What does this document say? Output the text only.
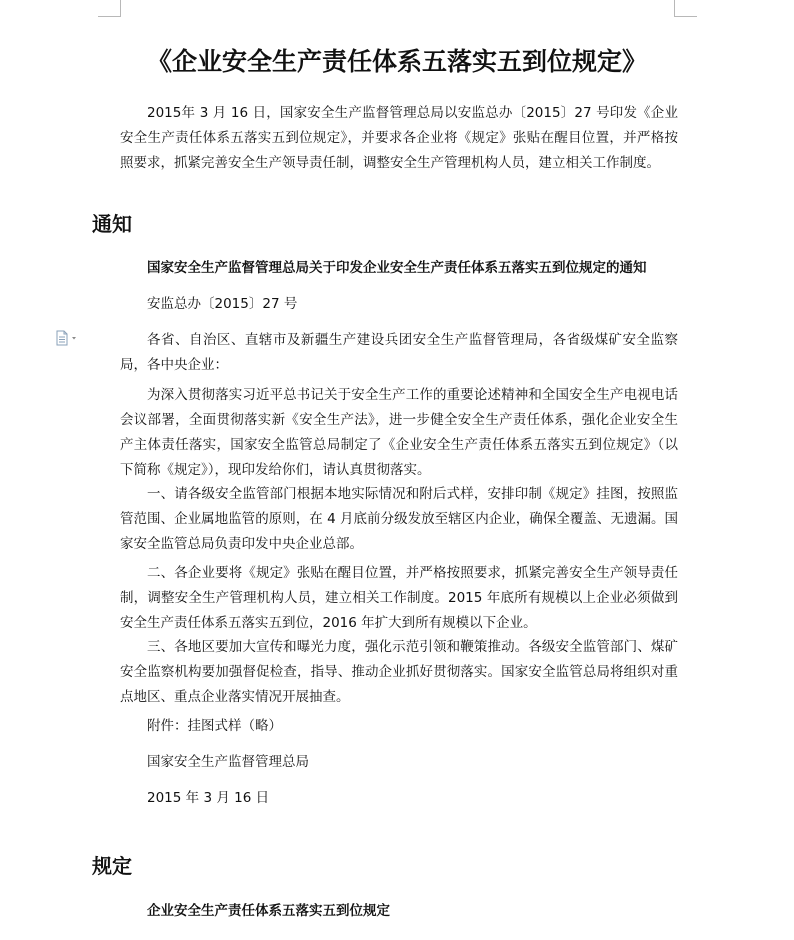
《企业安全生产责任体系五落实五到位规定》

2015年 3 月 16 日，国家安全生产监督管理总局以安监总办〔2015〕27 号印发《企业安全生产责任体系五落实五到位规定》，并要求各企业将《规定》张贴在醒目位置，并严格按照要求，抓紧完善安全生产领导责任制，调整安全生产管理机构人员，建立相关工作制度。

通知

国家安全生产监督管理总局关于印发企业安全生产责任体系五落实五到位规定的通知

安监总办〔2015〕27 号

各省、自治区、直辖市及新疆生产建设兵团安全生产监督管理局，各省级煤矿安全监察局，各中央企业：

为深入贯彻落实习近平总书记关于安全生产工作的重要论述精神和全国安全生产电视电话会议部署，全面贯彻落实新《安全生产法》，进一步健全安全生产责任体系，强化企业安全生产主体责任落实，国家安全监管总局制定了《企业安全生产责任体系五落实五到位规定》（以下简称《规定》），现印发给你们，请认真贯彻落实。

一、请各级安全监管部门根据本地实际情况和附后式样，安排印制《规定》挂图，按照监管范围、企业属地监管的原则，在 4 月底前分级发放至辖区内企业，确保全覆盖、无遗漏。国家安全监管总局负责印发中央企业总部。

二、各企业要将《规定》张贴在醒目位置，并严格按照要求，抓紧完善安全生产领导责任制，调整安全生产管理机构人员，建立相关工作制度。2015 年底所有规模以上企业必须做到安全生产责任体系五落实五到位，2016 年扩大到所有规模以下企业。

三、各地区要加大宣传和曝光力度，强化示范引领和鞭策推动。各级安全监管部门、煤矿安全监察机构要加强督促检查，指导、推动企业抓好贯彻落实。国家安全监管总局将组织对重点地区、重点企业落实情况开展抽查。

附件：挂图式样（略）

国家安全生产监督管理总局

2015 年 3 月 16 日

规定

企业安全生产责任体系五落实五到位规定
